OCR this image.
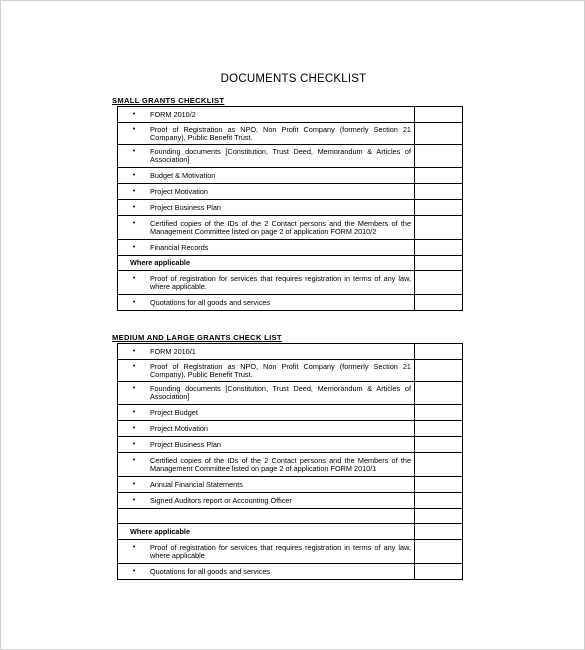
DOCUMENTS CHECKLIST
SMALL GRANTS CHECKLIST
• FORM 2010/2	

• Proof of Registration as NPO, Non Profit Company (formerly Section 21 Company), Public Benefit Trust.	

• Founding documents [Constitution, Trust Deed, Memorandum & Articles of Association]	

• Budget & Motivation	

• Project Motivation	

• Project Business Plan	

• Certified copies of the IDs of the 2 Contact persons and the Members of the Management Committee listed on page 2 of application FORM 2010/2	

• Financial Records	

Where applicable	

• Proof of registration for services that requires registration in terms of any law, where applicable.	

• Quotations for all goods and services	

MEDIUM AND LARGE GRANTS CHECK LIST
• FORM 2010/1	

• Proof of Registration as NPO, Non Profit Company (formerly Section 21 Company), Public Benefit Trust.	

• Founding documents [Constitution, Trust Deed, Memorandum & Articles of Association]	

• Project Budget	

• Project Motivation	

• Project Business Plan	

• Certified copies of the IDs of the 2 Contact persons and the Members of the Management Committee listed on page 2 of application FORM 2010/1	

• Annual Financial Statements	

• Signed Auditors report or Accounting Officer	

Where applicable	

• Proof of registration for services that requires registration in terms of any law, where applicable	

• Quotations for all goods and services	
